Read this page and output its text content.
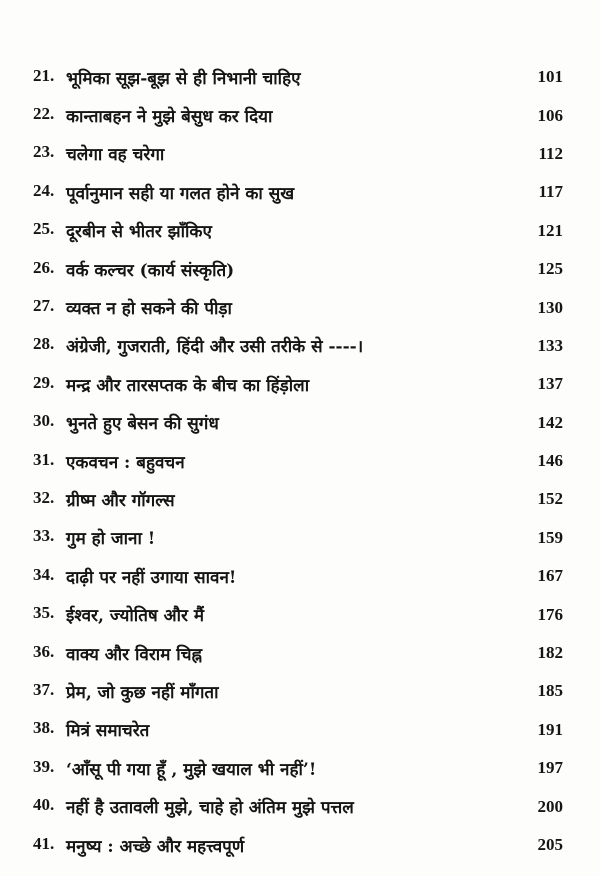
21. भूमिका सूझ-बूझ से ही निभानी चाहिए	101
22. कान्ताबहन ने मुझे बेसुध कर दिया	106
23. चलेगा वह चरेगा	112
24. पूर्वानुमान सही या गलत होने का सुख	117
25. दूरबीन से भीतर झाँकिए	121
26. वर्क कल्चर (कार्य संस्कृति)	125
27. व्यक्त न हो सकने की पीड़ा	130
28. अंग्रेजी, गुजराती, हिंदी और उसी तरीके से ----।	133
29. मन्द्र और तारसप्तक के बीच का हिंड़ोला	137
30. भुनते हुए बेसन की सुगंध	142
31. एकवचन : बहुवचन	146
32. ग्रीष्म और गॉगल्स	152
33. गुम हो जाना !	159
34. दाढ़ी पर नहीं उगाया सावन!	167
35. ईश्वर, ज्योतिष और मैं	176
36. वाक्य और विराम चिह्न	182
37. प्रेम, जो कुछ नहीं माँगता	185
38. मित्रं समाचरेत	191
39. ‘आँसू पी गया हूँ , मुझे खयाल भी नहीं’!	197
40. नहीं है उतावली मुझे, चाहे हो अंतिम मुझे पत्तल	200
41. मनुष्य : अच्छे और महत्त्वपूर्ण	205
